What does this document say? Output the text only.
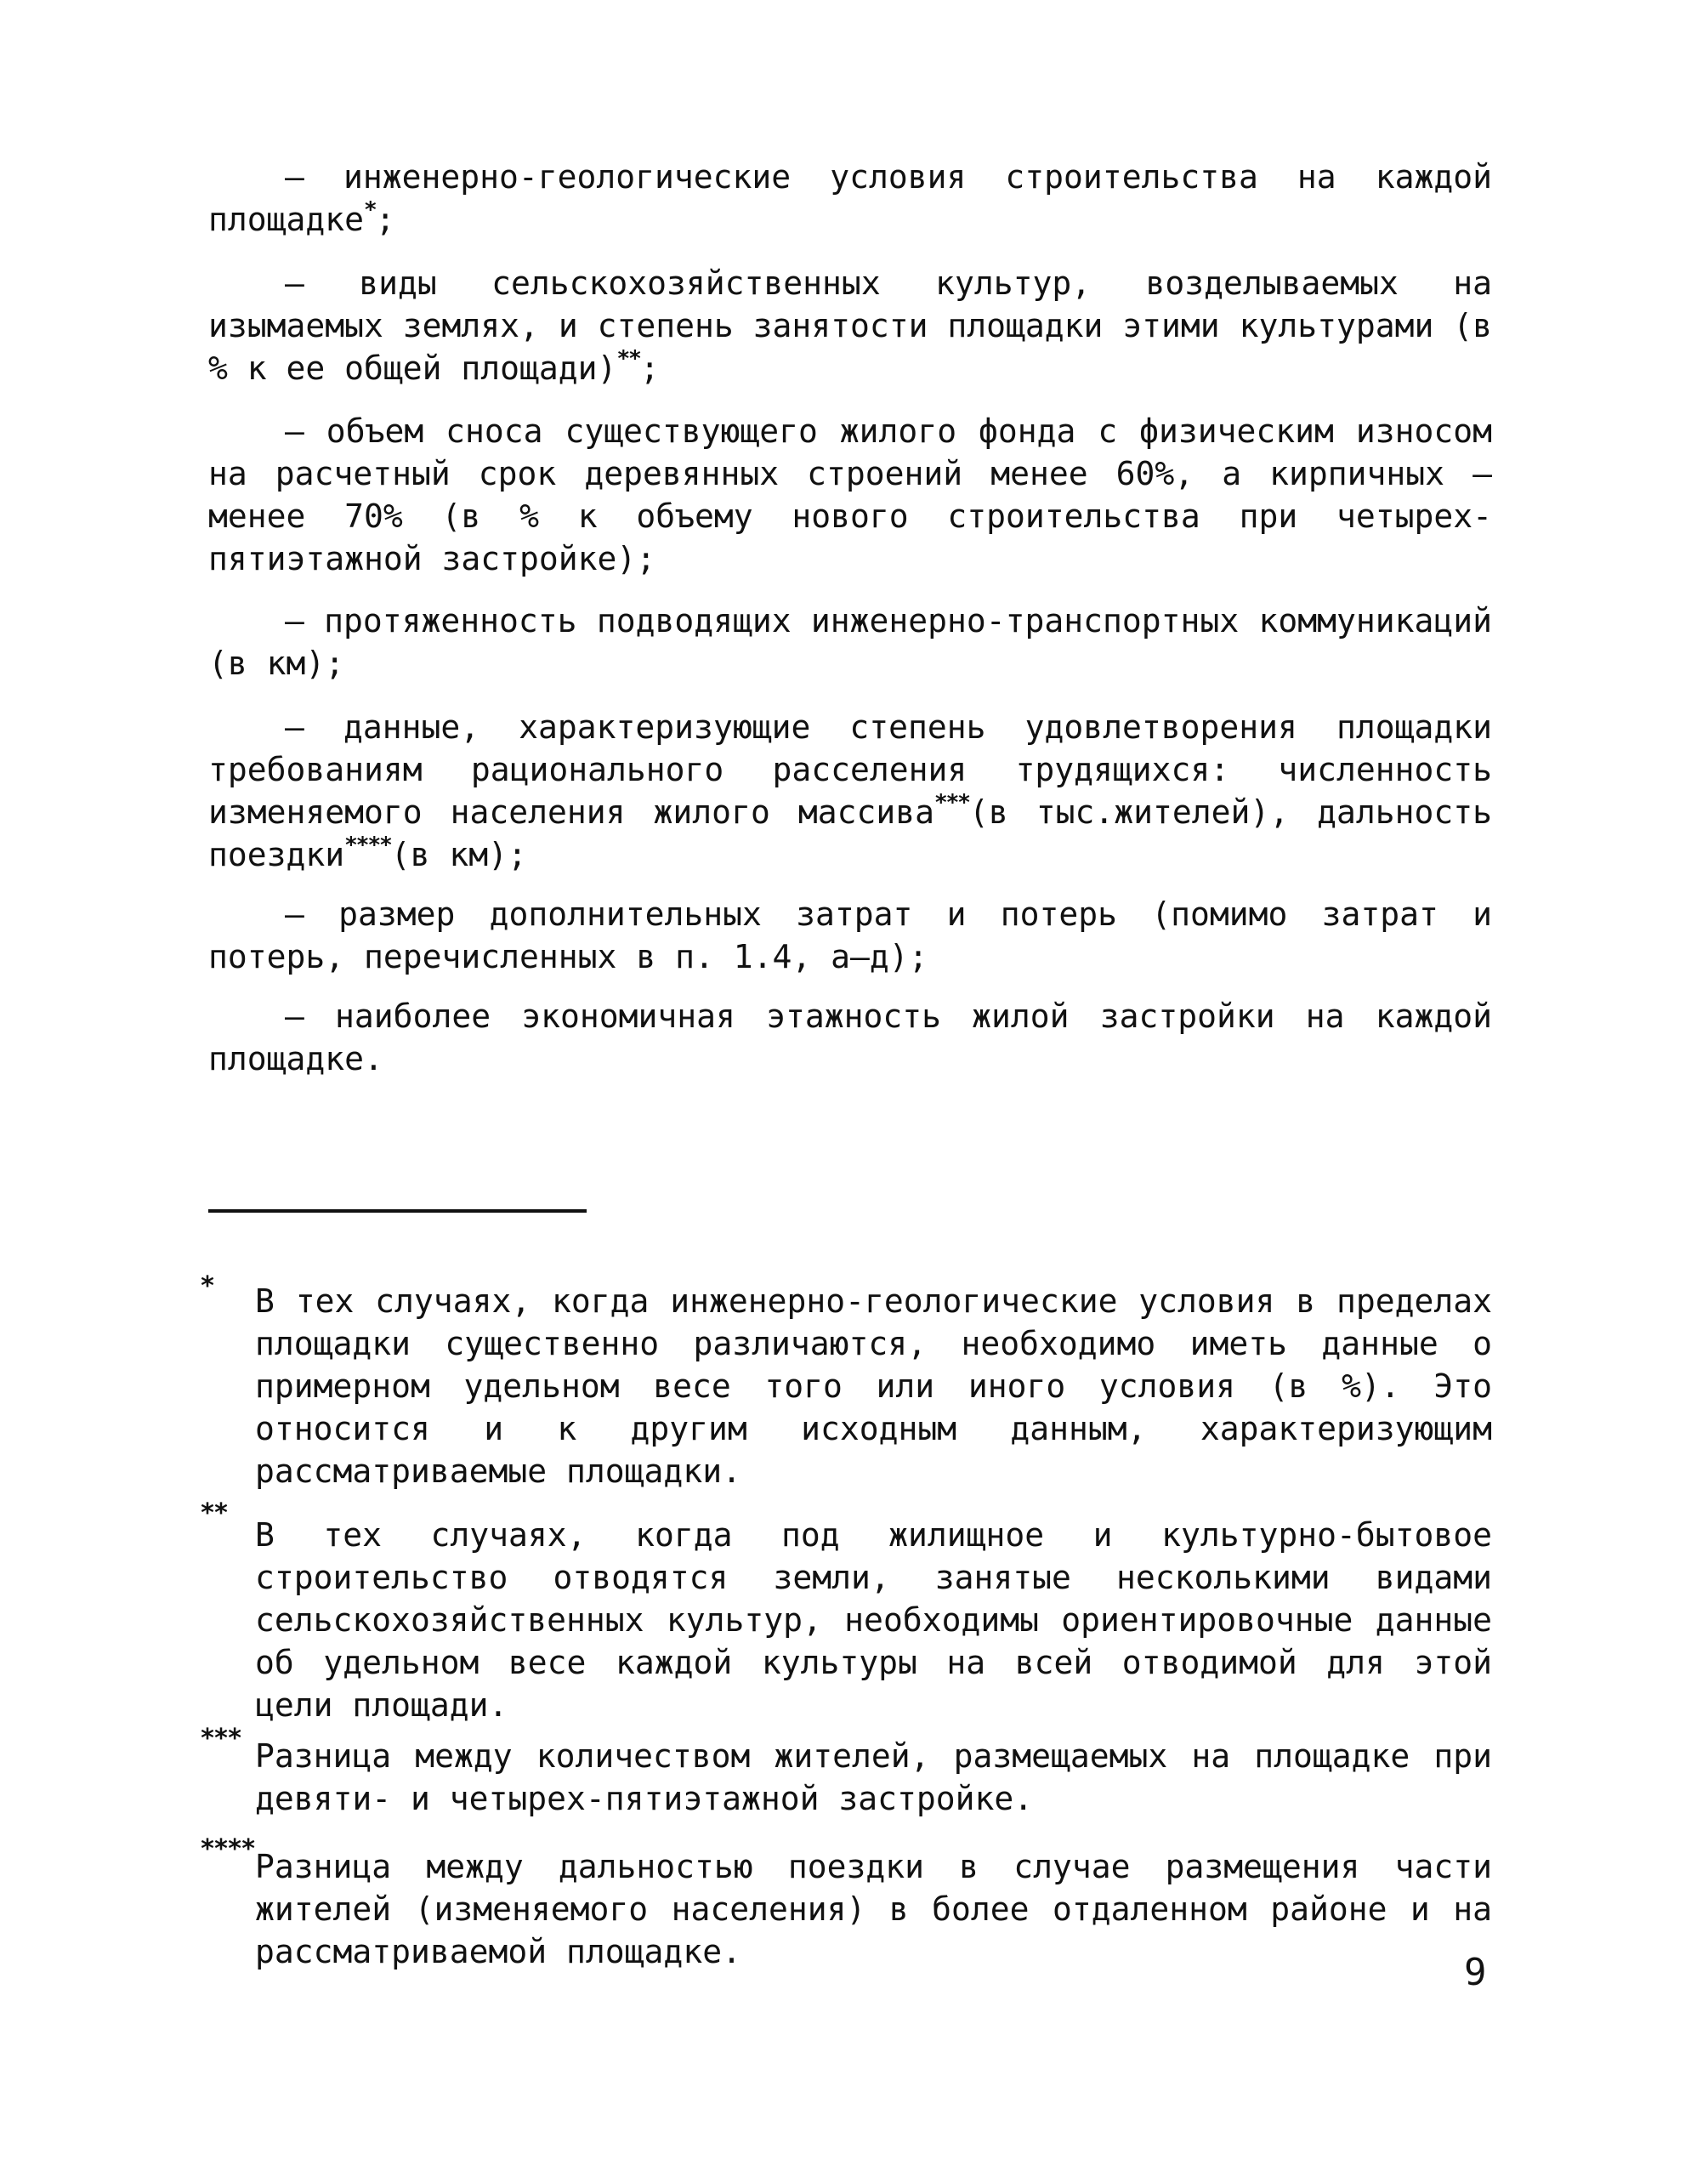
– инженерно-геологические условия строительства на каждой площадке*;

– виды сельскохозяйственных культур, возделываемых на изымаемых землях, и степень занятости площадки этими культурами (в % к ее общей площади)**;

– объем сноса существующего жилого фонда с физическим износом на расчетный срок деревянных строений менее 60%, а кирпичных – менее 70% (в % к объему нового строительства при четырех-пятиэтажной застройке);

– протяженность подводящих инженерно-транспортных коммуникаций (в км);

– данные, характеризующие степень удовлетворения площадки требованиям рационального расселения трудящихся: численность изменяемого населения жилого массива***(в тыс.жителей), дальность поездки****(в км);

– размер дополнительных затрат и потерь (помимо затрат и потерь, перечисленных в п. 1.4, а–д);

– наиболее экономичная этажность жилой застройки на каждой площадке.

* В тех случаях, когда инженерно-геологические условия в пределах площадки существенно различаются, необходимо иметь данные о примерном удельном весе того или иного условия (в %). Это относится и к другим исходным данным, характеризующим рассматриваемые площадки.

**

В тех случаях, когда под жилищное и культурно-бытовое строительство отводятся земли, занятые несколькими видами сельскохозяйственных культур, необходимы ориентировочные данные об удельном весе каждой культуры на всей отводимой для этой цели площади.

*** Разница между количеством жителей, размещаемых на площадке при девяти- и четырех-пятиэтажной застройке.

**** Разница между дальностью поездки в случае размещения части жителей (изменяемого населения) в более отдаленном районе и на рассматриваемой площадке.	9
